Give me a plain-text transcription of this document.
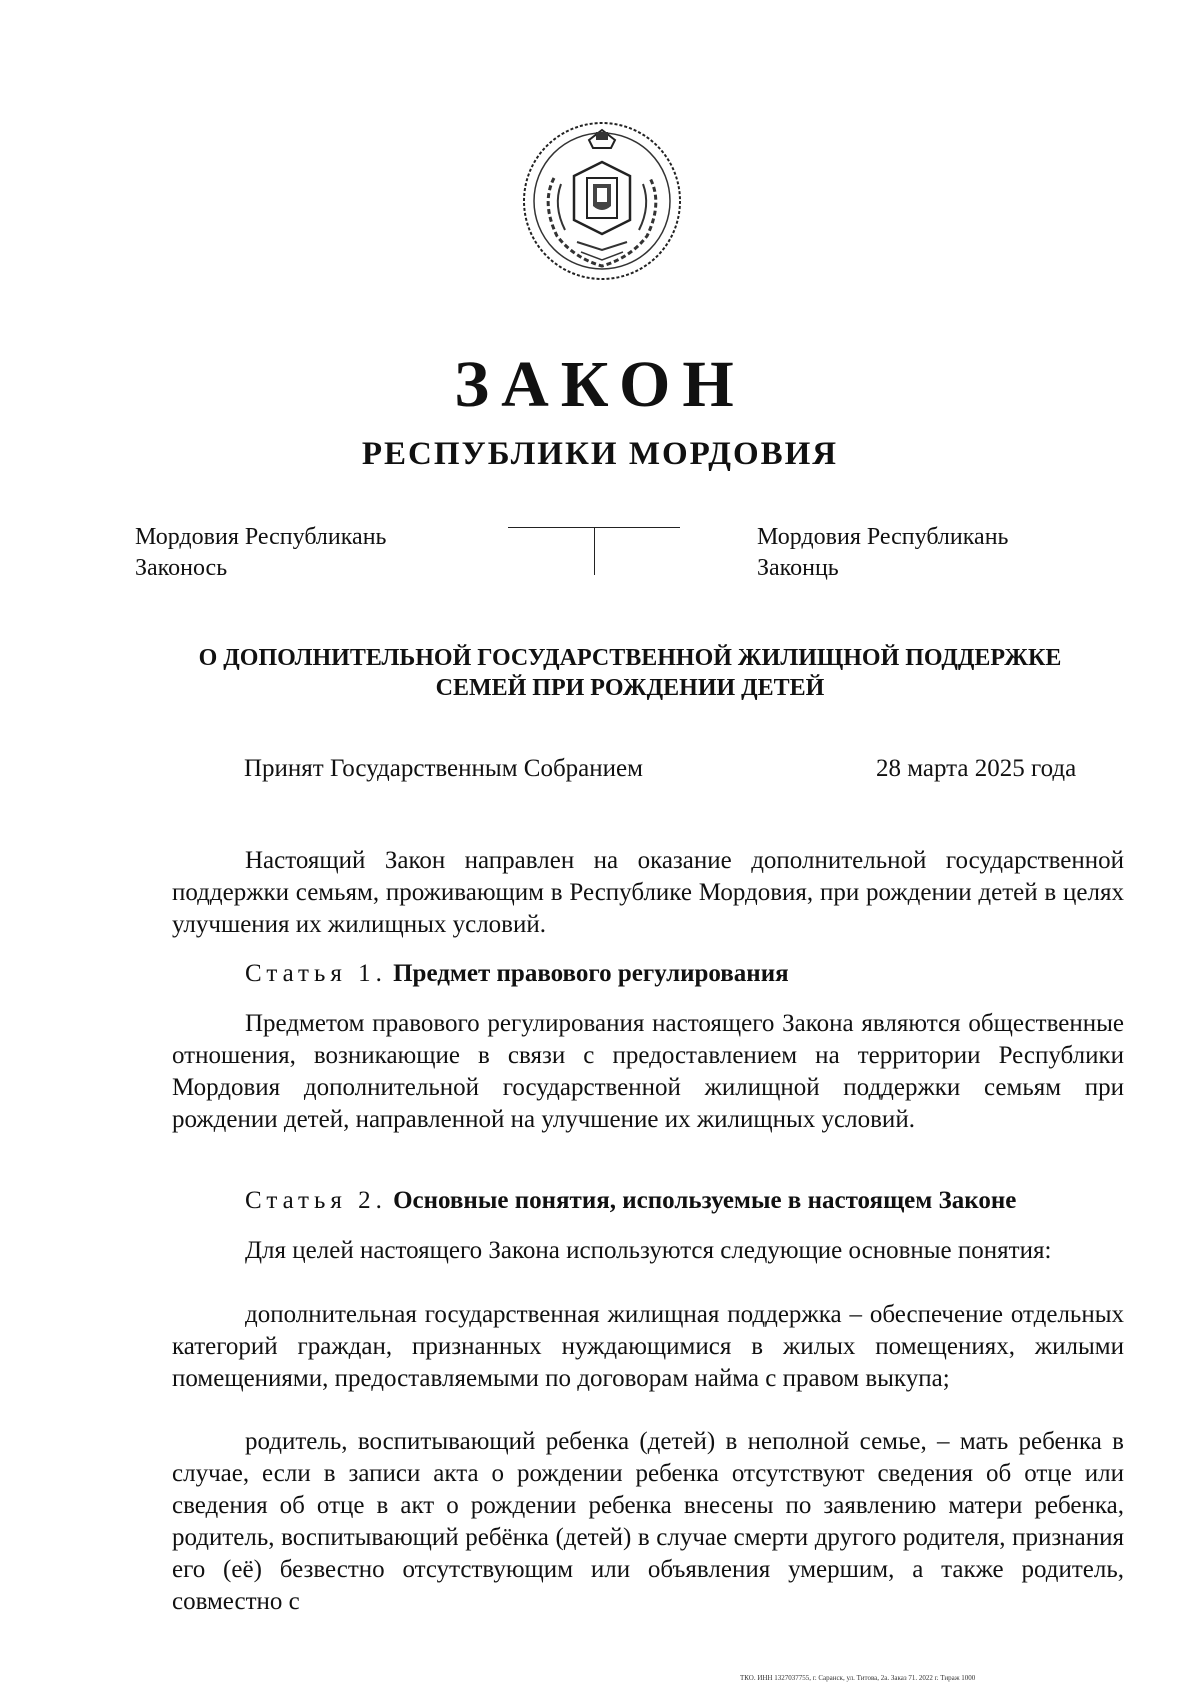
ЗАКОН
РЕСПУБЛИКИ МОРДОВИЯ
Мордовия Республикань
Законось
Мордовия Республикань
Законць
О ДОПОЛНИТЕЛЬНОЙ ГОСУДАРСТВЕННОЙ ЖИЛИЩНОЙ ПОДДЕРЖКЕ
СЕМЕЙ ПРИ РОЖДЕНИИ ДЕТЕЙ
Принят Государственным Собранием	28 марта 2025 года

Настоящий Закон направлен на оказание дополнительной государственной поддержки семьям, проживающим в Республике Мордовия, при рождении детей в целях улучшения их жилищных условий.

Статья 1. Предмет правового регулирования

Предметом правового регулирования настоящего Закона являются общественные отношения, возникающие в связи с предоставлением на территории Республики Мордовия дополнительной государственной жилищной поддержки семьям при рождении детей, направленной на улучшение их жилищных условий.

Статья 2. Основные понятия, используемые в настоящем Законе

Для целей настоящего Закона используются следующие основные понятия:

дополнительная государственная жилищная поддержка – обеспечение отдельных категорий граждан, признанных нуждающимися в жилых помещениях, жилыми помещениями, предоставляемыми по договорам найма с правом выкупа;

родитель, воспитывающий ребенка (детей) в неполной семье, – мать ребенка в случае, если в записи акта о рождении ребенка отсутствуют сведения об отце или сведения об отце в акт о рождении ребенка внесены по заявлению матери ребенка, родитель, воспитывающий ребёнка (детей) в случае смерти другого родителя, признания его (её) безвестно отсутствующим или объявления умершим, а также родитель, совместно с

ТКО. ИНН 1327037755, г. Саранск, ул. Титова, 2а. Заказ 71. 2022 г. Тираж 1000
